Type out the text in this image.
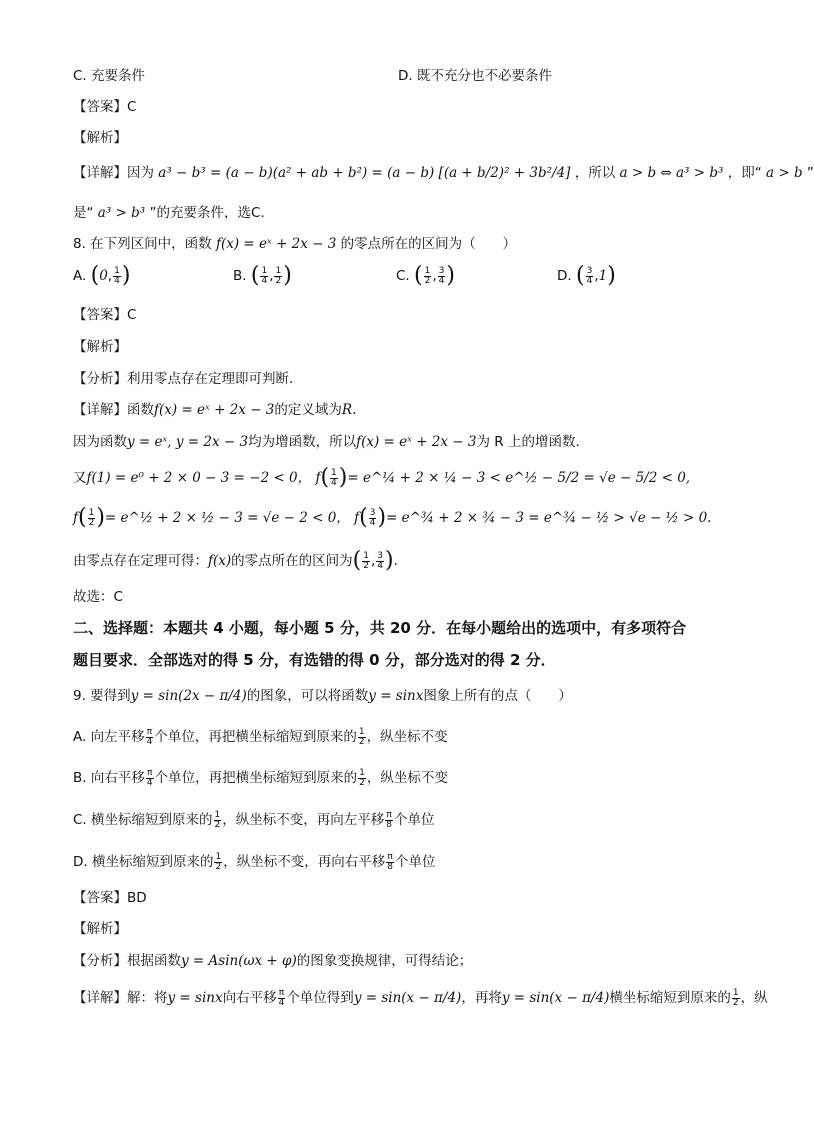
C. 充要条件	D. 既不充分也不必要条件
【答案】C
【解析】
【详解】因为 a³ − b³ = (a − b)(a² + ab + b²) = (a − b) [(a + b/2)² + 3b²/4] ，所以 a > b ⇔ a³ > b³ ，即“ a > b ”
是“ a³ > b³ ”的充要条件，选C.
8. 在下列区间中，函数 f(x) = eˣ + 2x − 3 的零点所在的区间为（　　）
A. (0, $\frac{1}{4}$ )	B. ( $\frac{1}{4}$ , $\frac{1}{2}$ )	C. ( $\frac{1}{2}$ , $\frac{3}{4}$ )	D. ( $\frac{3}{4} ,1$)
【答案】C
【解析】
【分析】利用零点存在定理即可判断.
【详解】函数f(x) = eˣ + 2x − 3的定义域为R.
因为函数y = eˣ, y = 2x − 3均为增函数，所以f(x) = eˣ + 2x − 3为 R 上的增函数.
又f(1) = e⁰ + 2 × 0 − 3 = −2 < 0， $f( \frac{1}{4}$ )= e^¼ + 2 × ¼ − 3 < e^½ − 5/2 = √e − 5/2 < 0,
$f( \frac{1}{2}$ )= e^½ + 2 × ½ − 3 = √e − 2 < 0， $f( \frac{3}{4}$ )= e^¾ + 2 × ¾ − 3 = e^¾ − ½ > √e − ½ > 0.
由零点存在定理可得：f(x)的零点所在的区间为( $\frac{1}{2}$ , $\frac{3}{4}$ ).
故选：C
二、选择题：本题共 4 小题，每小题 5 分，共 20 分．在每小题给出的选项中，有多项符合
题目要求．全部选对的得 5 分，有选错的得 0 分，部分选对的得 2 分．
9. 要得到y = sin(2x − π/4)的图象，可以将函数y = sinx图象上所有的点（　　）
A. 向左平移 $\frac{\pi}{4}$ 个单位，再把横坐标缩短到原来的 $\frac{1}{2}$ ，纵坐标不变
B. 向右平移 $\frac{\pi}{4}$ 个单位，再把横坐标缩短到原来的 $\frac{1}{2}$ ，纵坐标不变
C. 横坐标缩短到原来的 $\frac{1}{2}$ ，纵坐标不变，再向左平移 $\frac{\pi}{8}$ 个单位
D. 横坐标缩短到原来的 $\frac{1}{2}$ ，纵坐标不变，再向右平移 $\frac{\pi}{8}$ 个单位
【答案】BD
【解析】
【分析】根据函数y = Asin(ωx + φ)的图象变换规律，可得结论；
【详解】解：将y = sinx向右平移 $\frac{\pi}{4}$ 个单位得到y = sin(x − π/4)，再将y = sin(x − π/4)横坐标缩短到原来的 $\frac{1}{2}$ ，纵
